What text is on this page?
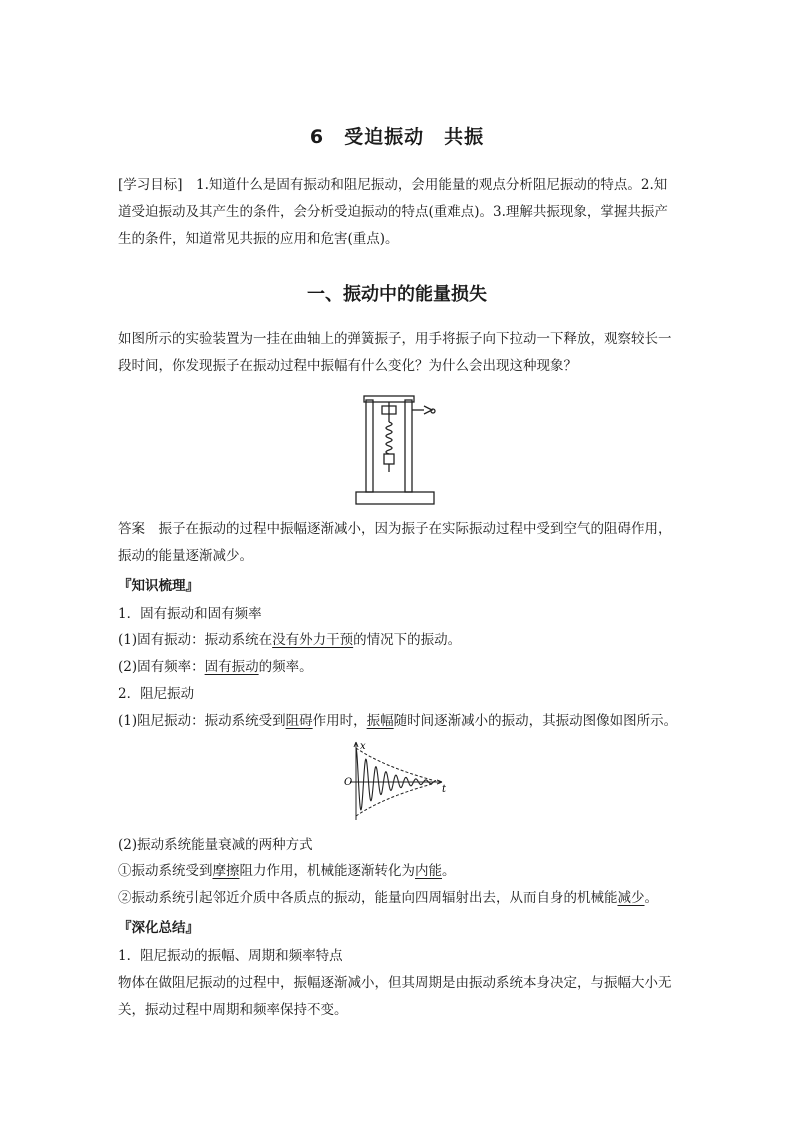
6　受迫振动　共振

[学习目标]　1.知道什么是固有振动和阻尼振动，会用能量的观点分析阻尼振动的特点。2.知道受迫振动及其产生的条件，会分析受迫振动的特点(重难点)。3.理解共振现象，掌握共振产生的条件，知道常见共振的应用和危害(重点)。

一、振动中的能量损失

如图所示的实验装置为一挂在曲轴上的弹簧振子，用手将振子向下拉动一下释放，观察较长一段时间，你发现振子在振动过程中振幅有什么变化？为什么会出现这种现象？

答案　振子在振动的过程中振幅逐渐减小，因为振子在实际振动过程中受到空气的阻碍作用，振动的能量逐渐减少。

『知识梳理』
1．固有振动和固有频率
(1)固有振动：振动系统在没有外力干预的情况下的振动。
(2)固有频率：固有振动的频率。
2．阻尼振动
(1)阻尼振动：振动系统受到阻碍作用时，振幅随时间逐渐减小的振动，其振动图像如图所示。
x
O
t
(2)振动系统能量衰减的两种方式
①振动系统受到摩擦阻力作用，机械能逐渐转化为内能。
②振动系统引起邻近介质中各质点的振动，能量向四周辐射出去，从而自身的机械能减少。
『深化总结』
1．阻尼振动的振幅、周期和频率特点

物体在做阻尼振动的过程中，振幅逐渐减小，但其周期是由振动系统本身决定，与振幅大小无关，振动过程中周期和频率保持不变。
